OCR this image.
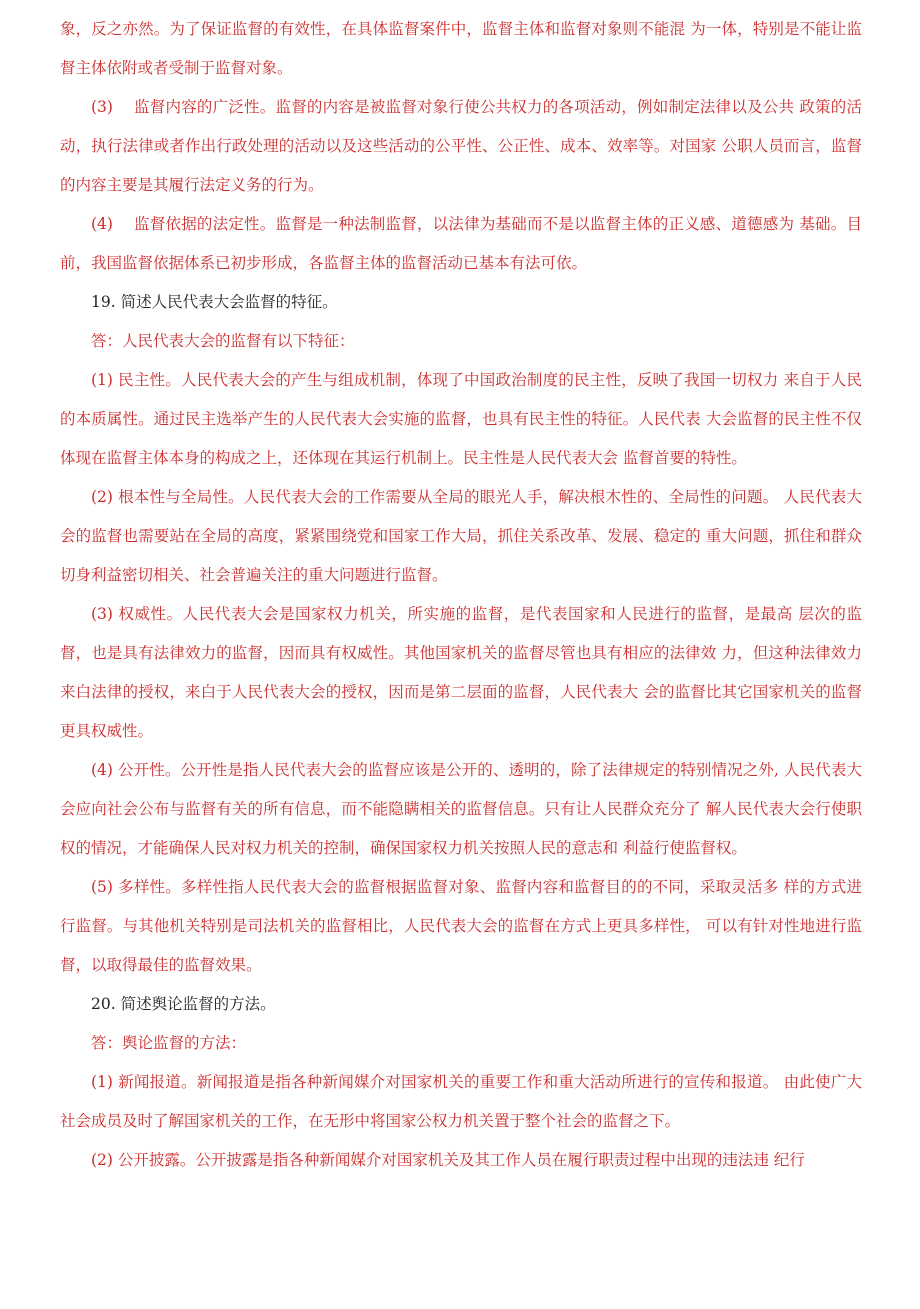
象，反之亦然。为了保证监督的有效性，在具体监督案件中，监督主体和监督对象则不能混 为一体，特别是不能让监督主体依附或者受制于监督对象。

(3)　 监督内容的广泛性。监督的内容是被监督对象行使公共权力的各项活动，例如制定法律以及公共 政策的活动，执行法律或者作出行政处理的活动以及这些活动的公平性、公正性、成本、效率等。对国家 公职人员而言，监督的内容主要是其履行法定义务的行为。

(4)　 监督依据的法定性。监督是一种法制监督，以法律为基础而不是以监督主体的正义感、道德感为 基础。目前，我国监督依据体系已初步形成，各监督主体的监督活动已基本有法可依。

19. 简述人民代表大会监督的特征。

答：人民代表大会的监督有以下特征：

(1) 民主性。人民代表大会的产生与组成机制，体现了中国政治制度的民主性，反映了我国一切权力 来自于人民的本质属性。通过民主选举产生的人民代表大会实施的监督，也具有民主性的特征。人民代表 大会监督的民主性不仅体现在监督主体本身的构成之上，还体现在其运行机制上。民主性是人民代表大会 监督首要的特性。

(2) 根本性与全局性。人民代表大会的工作需要从全局的眼光人手，解决根木性的、全局性的问题。 人民代表大会的监督也需要站在全局的高度，紧紧围绕党和国家工作大局，抓住关系改革、发展、稳定的 重大问题，抓住和群众切身利益密切相关、社会普遍关注的重大问题进行监督。

(3) 权威性。人民代表大会是国家权力机关，所实施的监督，是代表国家和人民进行的监督，是最高 层次的监督，也是具有法律效力的监督，因而具有权威性。其他国家机关的监督尽管也具有相应的法律效 力，但这种法律效力来白法律的授权，来白于人民代表大会的授权，因而是第二层面的监督，人民代表大 会的监督比其它国家机关的监督更具权威性。

(4) 公开性。公开性是指人民代表大会的监督应该是公开的、透明的，除了法律规定的特别情况之外, 人民代表大会应向社会公布与监督有关的所有信息，而不能隐瞒相关的监督信息。只有让人民群众充分了 解人民代表大会行使职权的情况，才能确保人民对权力机关的控制，确保国家权力机关按照人民的意志和 利益行使监督权。

(5) 多样性。多样性指人民代表大会的监督根据监督对象、监督内容和监督目的的不同，采取灵活多 样的方式进行监督。与其他机关特别是司法机关的监督相比，人民代表大会的监督在方式上更具多样性， 可以有针对性地进行监督，以取得最佳的监督效果。

20. 简述舆论监督的方法。

答：舆论监督的方法：

(1) 新闻报道。新闻报道是指各种新闻媒介对国家机关的重要工作和重大活动所进行的宣传和报道。 由此使广大社会成员及时了解国家机关的工作，在无形中将国家公权力机关置于整个社会的监督之下。

(2) 公开披露。公开披露是指各种新闻媒介对国家机关及其工作人员在履行职责过程中出现的违法违 纪行
